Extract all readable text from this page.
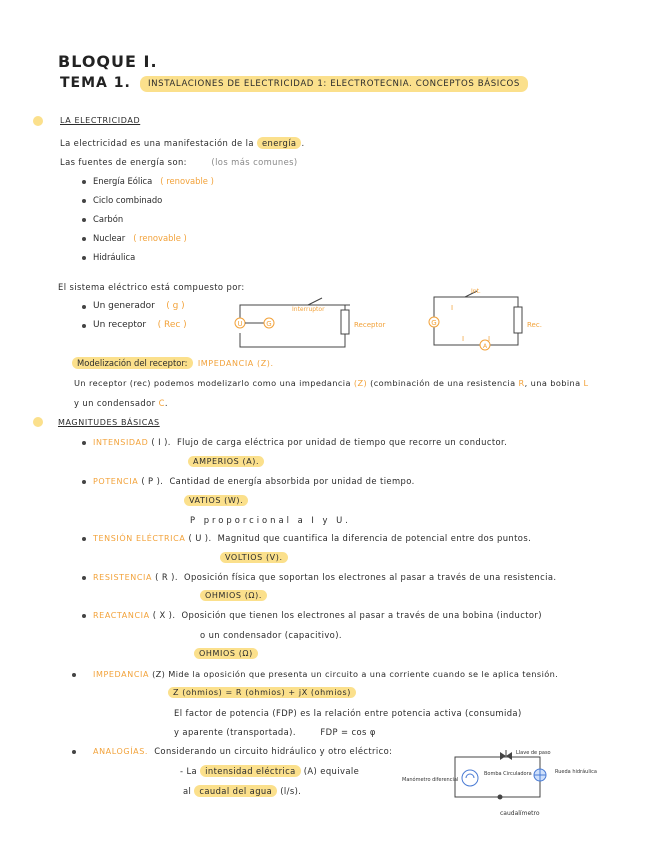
BLOQUE I.
TEMA 1.	INSTALACIONES DE ELECTRICIDAD 1: ELECTROTECNIA. CONCEPTOS BÁSICOS
LA ELECTRICIDAD
La electricidad es una manifestación de la energía .
Las fuentes de energía son:	(los más comunes)
Energía Eólica ( renovable )
Ciclo combinado
Carbón
Nuclear ( renovable )
Hidráulica
El sistema eléctrico está compuesto por:
Un generador ( g )
Un receptor ( Rec )	U	G
Interruptor
Receptor	G
A
Int.
I
I	I
Rec.
Modelización del receptor: IMPEDANCIA (Z).
Un receptor (rec) podemos modelizarlo como una impedancia (Z) (combinación de una resistencia R, una bobina L
y un condensador C.
MAGNITUDES BÁSICAS
INTENSIDAD ( I ). Flujo de carga eléctrica por unidad de tiempo que recorre un conductor.
AMPERIOS (A).
POTENCIA ( P ). Cantidad de energía absorbida por unidad de tiempo.
VATIOS (W).
P proporcional a I y U.
TENSIÓN ELÉCTRICA ( U ). Magnitud que cuantifica la diferencia de potencial entre dos puntos.
VOLTIOS (V).
RESISTENCIA ( R ). Oposición física que soportan los electrones al pasar a través de una resistencia.
OHMIOS (Ω).
REACTANCIA ( X ). Oposición que tienen los electrones al pasar a través de una bobina (inductor)
o un condensador (capacitivo).
OHMIOS (Ω)
IMPEDANCIA (Z) Mide la oposición que presenta un circuito a una corriente cuando se le aplica tensión.
Z (ohmios) = R (ohmios) + jX (ohmios)
El factor de potencia (FDP) es la relación entre potencia activa (consumida)
y aparente (transportada).	FDP = cos φ
ANALOGÍAS. Considerando un circuito hidráulico y otro eléctrico:
- La intensidad eléctrica (A) equivale
al caudal del agua (l/s).
Llave de paso
Bomba Circuladora
Manómetro diferencial
Rueda hidráulica
caudalímetro
